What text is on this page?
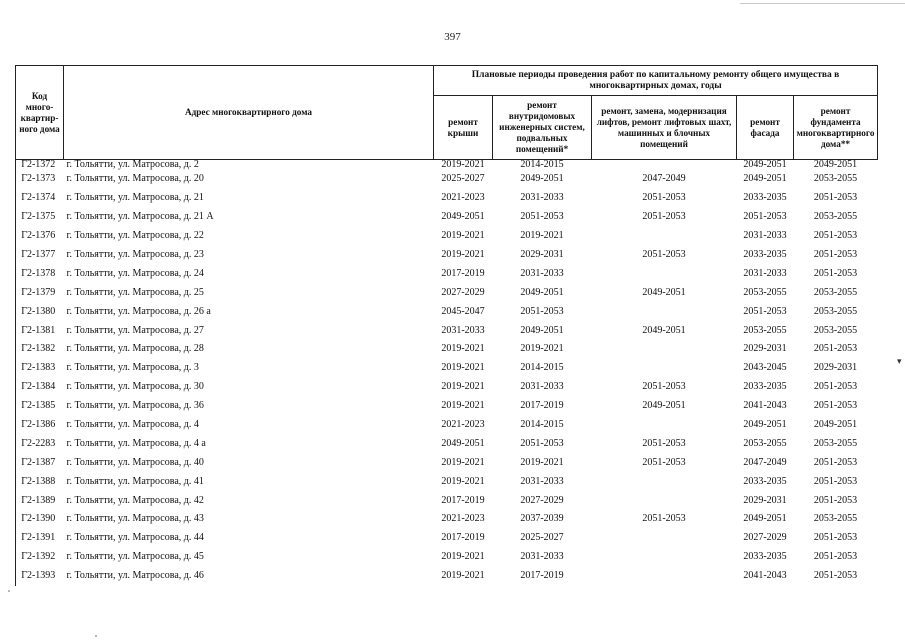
397
Код много-квартир-ного дома	Адрес многоквартирного дома	Плановые периоды проведения работ по капитальному ремонту общего имущества в многоквартирных домах, годы				
		ремонт крыши	ремонт внутридомовых инженерных систем, подвальных помещений*	ремонт, замена, модернизация лифтов, ремонт лифтовых шахт, машинных и блочных помещений	ремонт фасада	ремонт фундамента многоквартирного дома**
Г2-1372	г. Тольятти, ул. Матросова, д. 2	2019-2021	2014-2015		2049-2051	2049-2051
Г2-1373	г. Тольятти, ул. Матросова, д. 20	2025-2027	2049-2051	2047-2049	2049-2051	2053-2055
Г2-1374	г. Тольятти, ул. Матросова, д. 21	2021-2023	2031-2033	2051-2053	2033-2035	2051-2053
Г2-1375	г. Тольятти, ул. Матросова, д. 21 А	2049-2051	2051-2053	2051-2053	2051-2053	2053-2055
Г2-1376	г. Тольятти, ул. Матросова, д. 22	2019-2021	2019-2021		2031-2033	2051-2053
Г2-1377	г. Тольятти, ул. Матросова, д. 23	2019-2021	2029-2031	2051-2053	2033-2035	2051-2053
Г2-1378	г. Тольятти, ул. Матросова, д. 24	2017-2019	2031-2033		2031-2033	2051-2053
Г2-1379	г. Тольятти, ул. Матросова, д. 25	2027-2029	2049-2051	2049-2051	2053-2055	2053-2055
Г2-1380	г. Тольятти, ул. Матросова, д. 26 а	2045-2047	2051-2053		2051-2053	2053-2055
Г2-1381	г. Тольятти, ул. Матросова, д. 27	2031-2033	2049-2051	2049-2051	2053-2055	2053-2055
Г2-1382	г. Тольятти, ул. Матросова, д. 28	2019-2021	2019-2021		2029-2031	2051-2053
Г2-1383	г. Тольятти, ул. Матросова, д. 3	2019-2021	2014-2015		2043-2045	2029-2031
Г2-1384	г. Тольятти, ул. Матросова, д. 30	2019-2021	2031-2033	2051-2053	2033-2035	2051-2053
Г2-1385	г. Тольятти, ул. Матросова, д. 36	2019-2021	2017-2019	2049-2051	2041-2043	2051-2053
Г2-1386	г. Тольятти, ул. Матросова, д. 4	2021-2023	2014-2015		2049-2051	2049-2051
Г2-2283	г. Тольятти, ул. Матросова, д. 4 а	2049-2051	2051-2053	2051-2053	2053-2055	2053-2055
Г2-1387	г. Тольятти, ул. Матросова, д. 40	2019-2021	2019-2021	2051-2053	2047-2049	2051-2053
Г2-1388	г. Тольятти, ул. Матросова, д. 41	2019-2021	2031-2033		2033-2035	2051-2053
Г2-1389	г. Тольятти, ул. Матросова, д. 42	2017-2019	2027-2029		2029-2031	2051-2053
Г2-1390	г. Тольятти, ул. Матросова, д. 43	2021-2023	2037-2039	2051-2053	2049-2051	2053-2055
Г2-1391	г. Тольятти, ул. Матросова, д. 44	2017-2019	2025-2027		2027-2029	2051-2053
Г2-1392	г. Тольятти, ул. Матросова, д. 45	2019-2021	2031-2033		2033-2035	2051-2053
Г2-1393	г. Тольятти, ул. Матросова, д. 46	2019-2021	2017-2019		2041-2043	2051-2053
▾
